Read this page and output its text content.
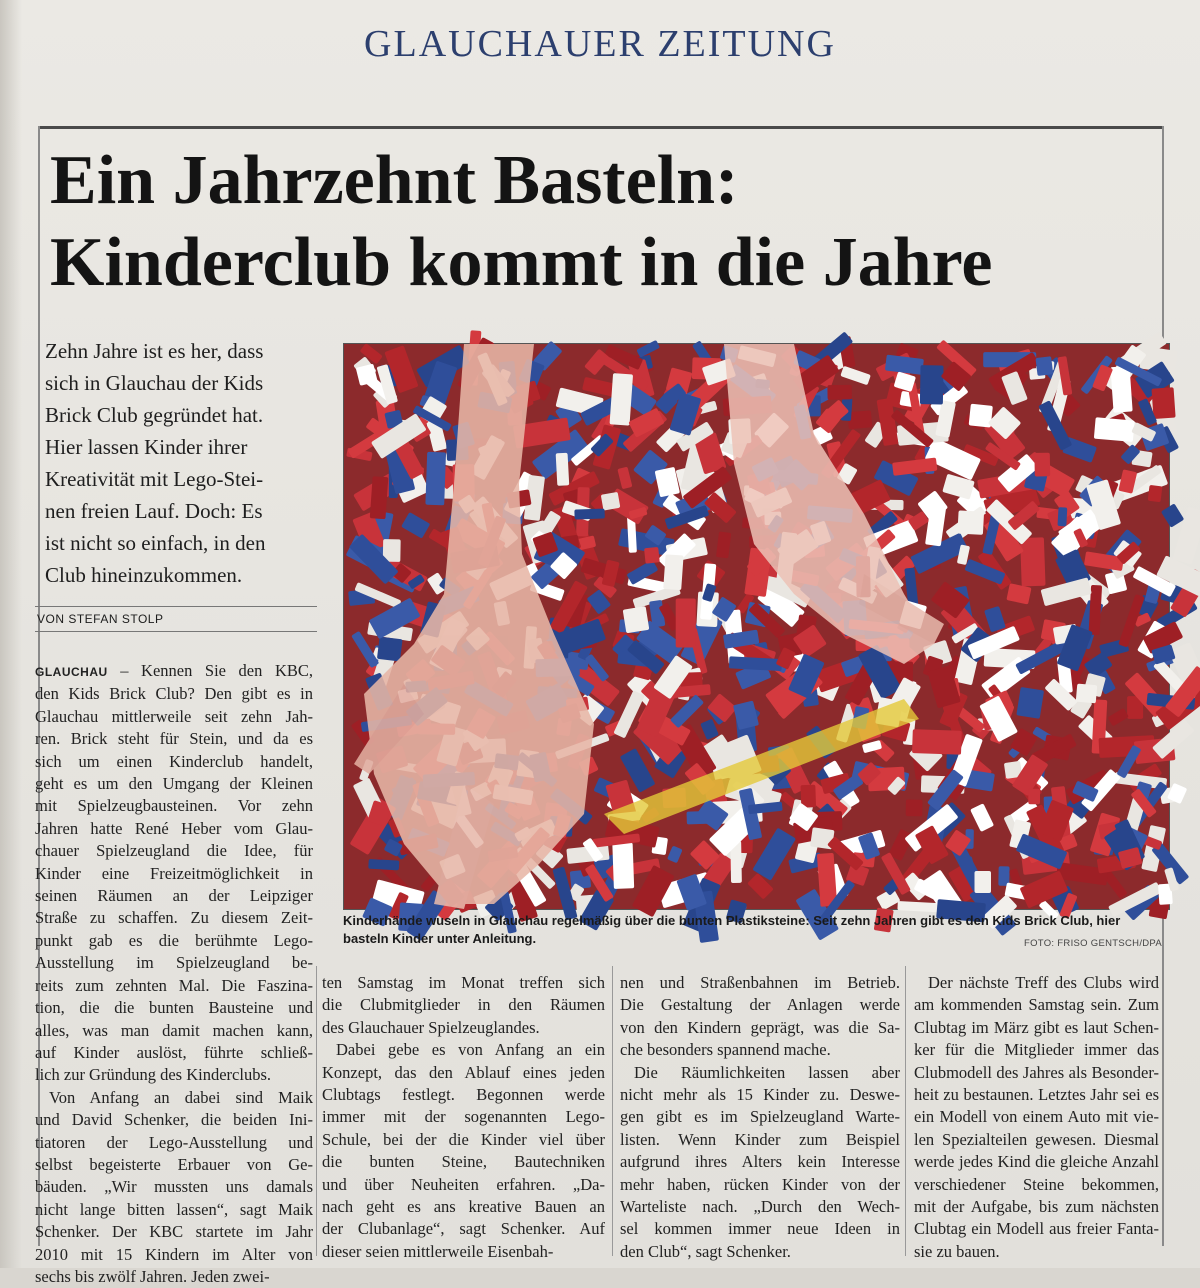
GLAUCHAUER ZEITUNG
Ein Jahrzehnt Basteln:
Kinderclub kommt in die Jahre
Zehn Jahre ist es her, dass
sich in Glauchau der Kids
Brick Club gegründet hat.
Hier lassen Kinder ihrer
Kreativität mit Lego-Stei-
nen freien Lauf. Doch: Es
ist nicht so einfach, in den
Club hineinzukommen.
VON STEFAN STOLP
GLAUCHAU – Kennen Sie den KBC,
den Kids Brick Club? Den gibt es in
Glauchau mittlerweile seit zehn Jah-
ren. Brick steht für Stein, und da es
sich um einen Kinderclub handelt,
geht es um den Umgang der Kleinen
mit Spielzeugbausteinen. Vor zehn
Jahren hatte René Heber vom Glau-
chauer Spielzeugland die Idee, für
Kinder eine Freizeitmöglichkeit in
seinen Räumen an der Leipziger
Straße zu schaffen. Zu diesem Zeit-
punkt gab es die berühmte Lego-
Ausstellung im Spielzeugland be-
reits zum zehnten Mal. Die Faszina-
tion, die die bunten Bausteine und
alles, was man damit machen kann,
auf Kinder auslöst, führte schließ-
lich zur Gründung des Kinderclubs.
Von Anfang an dabei sind Maik
und David Schenker, die beiden Ini-
tiatoren der Lego-Ausstellung und
selbst begeisterte Erbauer von Ge-
bäuden. „Wir mussten uns damals
nicht lange bitten lassen“, sagt Maik
Schenker. Der KBC startete im Jahr
2010 mit 15 Kindern im Alter von
sechs bis zwölf Jahren. Jeden zwei-
Kinderhände wuseln in Glauchau regelmäßig über die bunten Plastiksteine: Seit zehn Jahren gibt es den Kids Brick Club, hier basteln Kinder unter Anleitung.	FOTO: FRISO GENTSCH/DPA
ten Samstag im Monat treffen sich
die Clubmitglieder in den Räumen
des Glauchauer Spielzeuglandes.
Dabei gebe es von Anfang an ein
Konzept, das den Ablauf eines jeden
Clubtags festlegt. Begonnen werde
immer mit der sogenannten Lego-
Schule, bei der die Kinder viel über
die bunten Steine, Bautechniken
und über Neuheiten erfahren. „Da-
nach geht es ans kreative Bauen an
der Clubanlage“, sagt Schenker. Auf
dieser seien mittlerweile Eisenbah-
nen und Straßenbahnen im Betrieb.
Die Gestaltung der Anlagen werde
von den Kindern geprägt, was die Sa-
che besonders spannend mache.
Die Räumlichkeiten lassen aber
nicht mehr als 15 Kinder zu. Deswe-
gen gibt es im Spielzeugland Warte-
listen. Wenn Kinder zum Beispiel
aufgrund ihres Alters kein Interesse
mehr haben, rücken Kinder von der
Warteliste nach. „Durch den Wech-
sel kommen immer neue Ideen in
den Club“, sagt Schenker.
Der nächste Treff des Clubs wird
am kommenden Samstag sein. Zum
Clubtag im März gibt es laut Schen-
ker für die Mitglieder immer das
Clubmodell des Jahres als Besonder-
heit zu bestaunen. Letztes Jahr sei es
ein Modell von einem Auto mit vie-
len Spezialteilen gewesen. Diesmal
werde jedes Kind die gleiche Anzahl
verschiedener Steine bekommen,
mit der Aufgabe, bis zum nächsten
Clubtag ein Modell aus freier Fanta-
sie zu bauen.
